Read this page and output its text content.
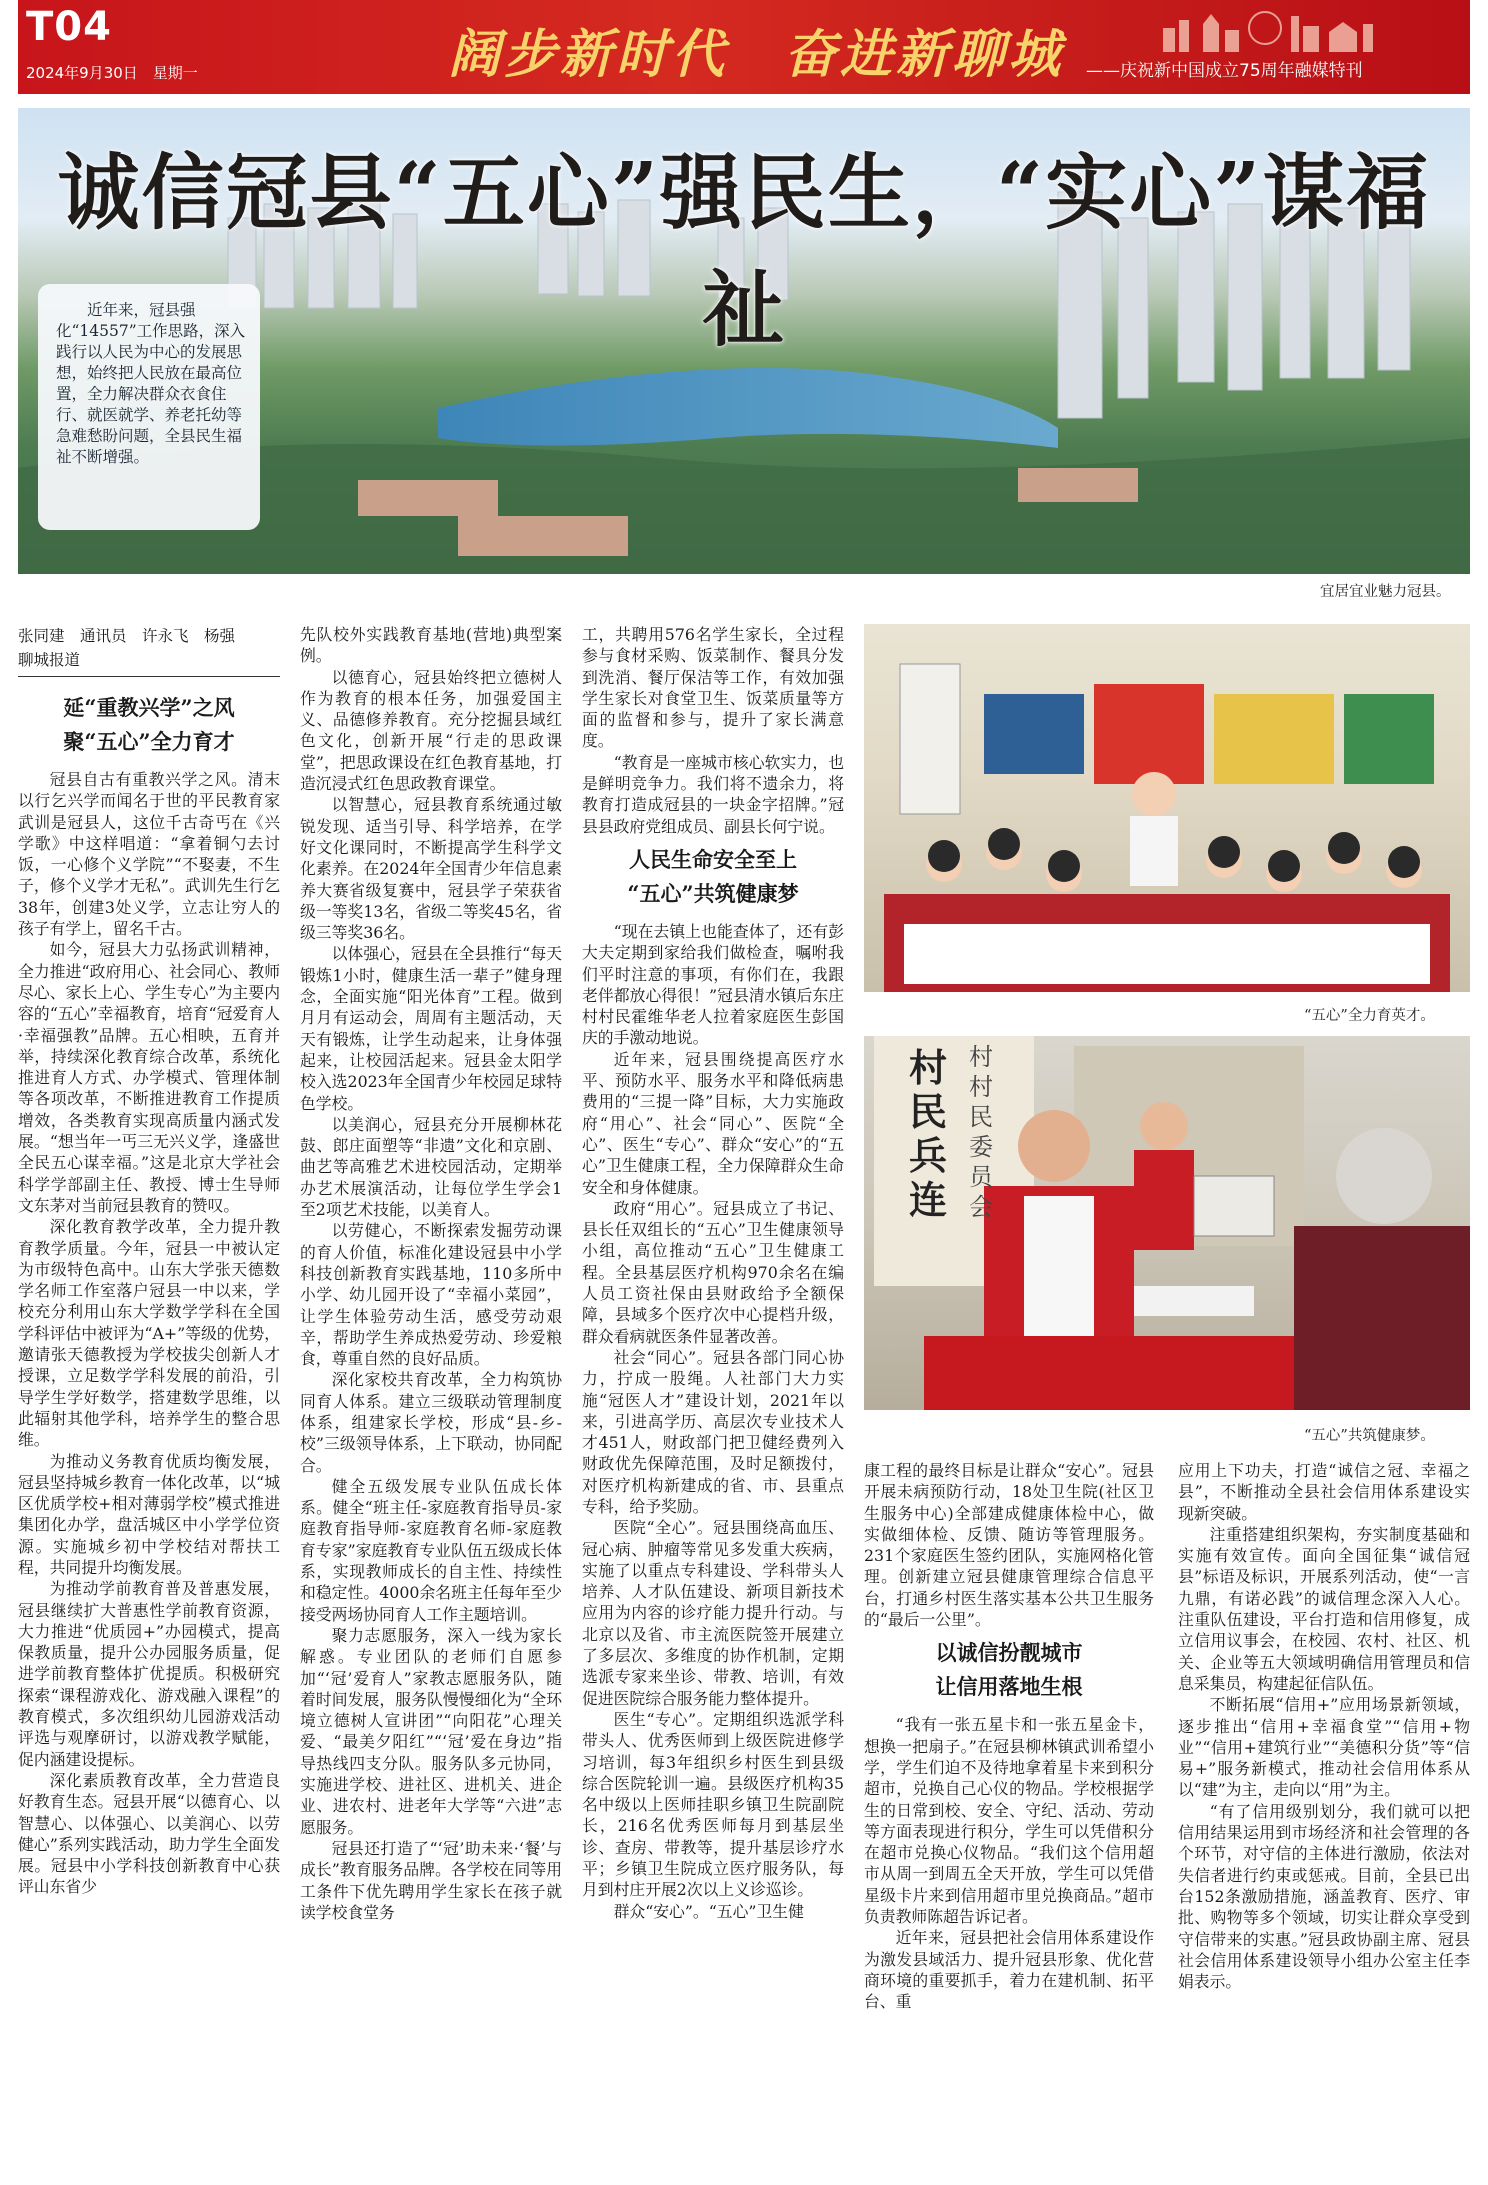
T04
2024年9月30日　星期一	阔步新时代　奋进新聊城 ——庆祝新中国成立75周年融媒特刊
诚信冠县“五心”强民生，“实心”谋福祉
近年来，冠县强化“14557”工作思路，深入践行以人民为中心的发展思想，始终把人民放在最高位置，全力解决群众衣食住行、就医就学、养老托幼等急难愁盼问题，全县民生福祉不断增强。
宜居宜业魅力冠县。
张同建　通讯员　许永飞　杨强
聊城报道
延“重教兴学”之风
聚“五心”全力育才

冠县自古有重教兴学之风。清末以行乞兴学而闻名于世的平民教育家武训是冠县人，这位千古奇丐在《兴学歌》中这样唱道：“拿着铜勺去讨饭，一心修个义学院”“不娶妻，不生子，修个义学才无私”。武训先生行乞38年，创建3处义学，立志让穷人的孩子有学上，留名千古。

如今，冠县大力弘扬武训精神，全力推进“政府用心、社会同心、教师尽心、家长上心、学生专心”为主要内容的“五心”幸福教育，培育“冠爱育人·幸福强教”品牌。五心相映，五育并举，持续深化教育综合改革，系统化推进育人方式、办学模式、管理体制等各项改革，不断推进教育工作提质增效，各类教育实现高质量内涵式发展。“想当年一丐三无兴义学，逢盛世全民五心谋幸福。”这是北京大学社会科学学部副主任、教授、博士生导师文东茅对当前冠县教育的赞叹。

深化教育教学改革，全力提升教育教学质量。今年，冠县一中被认定为市级特色高中。山东大学张天德数学名师工作室落户冠县一中以来，学校充分利用山东大学数学学科在全国学科评估中被评为“A+”等级的优势，邀请张天德教授为学校拔尖创新人才授课，立足数学学科发展的前沿，引导学生学好数学，搭建数学思维，以此辐射其他学科，培养学生的整合思维。

为推动义务教育优质均衡发展，冠县坚持城乡教育一体化改革，以“城区优质学校+相对薄弱学校”模式推进集团化办学，盘活城区中小学学位资源。实施城乡初中学校结对帮扶工程，共同提升均衡发展。

为推动学前教育普及普惠发展，冠县继续扩大普惠性学前教育资源，大力推进“优质园+”办园模式，提高保教质量，提升公办园服务质量，促进学前教育整体扩优提质。积极研究探索“课程游戏化、游戏融入课程”的教育模式，多次组织幼儿园游戏活动评选与观摩研讨，以游戏教学赋能，促内涵建设提标。

深化素质教育改革，全力营造良好教育生态。冠县开展“以德育心、以智慧心、以体强心、以美润心、以劳健心”系列实践活动，助力学生全面发展。冠县中小学科技创新教育中心获评山东省少

先队校外实践教育基地(营地)典型案例。

以德育心，冠县始终把立德树人作为教育的根本任务，加强爱国主义、品德修养教育。充分挖掘县域红色文化，创新开展“行走的思政课堂”，把思政课设在红色教育基地，打造沉浸式红色思政教育课堂。

以智慧心，冠县教育系统通过敏锐发现、适当引导、科学培养，在学好文化课同时，不断提高学生科学文化素养。在2024年全国青少年信息素养大赛省级复赛中，冠县学子荣获省级一等奖13名，省级二等奖45名，省级三等奖36名。

以体强心，冠县在全县推行“每天锻炼1小时，健康生活一辈子”健身理念，全面实施“阳光体育”工程。做到月月有运动会，周周有主题活动，天天有锻炼，让学生动起来，让身体强起来，让校园活起来。冠县金太阳学校入选2023年全国青少年校园足球特色学校。

以美润心，冠县充分开展柳林花鼓、郎庄面塑等“非遗”文化和京剧、曲艺等高雅艺术进校园活动，定期举办艺术展演活动，让每位学生学会1至2项艺术技能，以美育人。

以劳健心，不断探索发掘劳动课的育人价值，标准化建设冠县中小学科技创新教育实践基地，110多所中小学、幼儿园开设了“幸福小菜园”，让学生体验劳动生活，感受劳动艰辛，帮助学生养成热爱劳动、珍爱粮食，尊重自然的良好品质。

深化家校共育改革，全力构筑协同育人体系。建立三级联动管理制度体系，组建家长学校，形成“县-乡-校”三级领导体系，上下联动，协同配合。

健全五级发展专业队伍成长体系。健全“班主任-家庭教育指导员-家庭教育指导师-家庭教育名师-家庭教育专家”家庭教育专业队伍五级成长体系，实现教师成长的自主性、持续性和稳定性。4000余名班主任每年至少接受两场协同育人工作主题培训。

聚力志愿服务，深入一线为家长解惑。专业团队的老师们自愿参加“‘冠’爱育人”家教志愿服务队，随着时间发展，服务队慢慢细化为“全环境立德树人宣讲团”“向阳花”心理关爱、“最美夕阳红”“‘冠’爱在身边”指导热线四支分队。服务队多元协同，实施进学校、进社区、进机关、进企业、进农村、进老年大学等“六进”志愿服务。

冠县还打造了“‘冠’助未来·‘餐’与成长”教育服务品牌。各学校在同等用工条件下优先聘用学生家长在孩子就读学校食堂务

工，共聘用576名学生家长，全过程参与食材采购、饭菜制作、餐具分发到洗消、餐厅保洁等工作，有效加强学生家长对食堂卫生、饭菜质量等方面的监督和参与，提升了家长满意度。

“教育是一座城市核心软实力，也是鲜明竞争力。我们将不遗余力，将教育打造成冠县的一块金字招牌。”冠县县政府党组成员、副县长何宁说。

人民生命安全至上
“五心”共筑健康梦

“现在去镇上也能查体了，还有彭大夫定期到家给我们做检查，嘱咐我们平时注意的事项，有你们在，我跟老伴都放心得很！”冠县清水镇后东庄村村民霍维华老人拉着家庭医生彭国庆的手激动地说。

近年来，冠县围绕提高医疗水平、预防水平、服务水平和降低病患费用的“三提一降”目标，大力实施政府“用心”、社会“同心”、医院“全心”、医生“专心”、群众“安心”的“五心”卫生健康工程，全力保障群众生命安全和身体健康。

政府“用心”。冠县成立了书记、县长任双组长的“五心”卫生健康领导小组，高位推动“五心”卫生健康工程。全县基层医疗机构970余名在编人员工资社保由县财政给予全额保障，县域多个医疗次中心提档升级，群众看病就医条件显著改善。

社会“同心”。冠县各部门同心协力，拧成一股绳。人社部门大力实施“冠医人才”建设计划，2021年以来，引进高学历、高层次专业技术人才451人，财政部门把卫健经费列入财政优先保障范围，及时足额拨付，对医疗机构新建成的省、市、县重点专科，给予奖励。

医院“全心”。冠县围绕高血压、冠心病、肿瘤等常见多发重大疾病，实施了以重点专科建设、学科带头人培养、人才队伍建设、新项目新技术应用为内容的诊疗能力提升行动。与北京以及省、市主流医院签开展建立了多层次、多维度的协作机制，定期选派专家来坐诊、带教、培训，有效促进医院综合服务能力整体提升。

医生“专心”。定期组织选派学科带头人、优秀医师到上级医院进修学习培训，每3年组织乡村医生到县级综合医院轮训一遍。县级医疗机构35名中级以上医师挂职乡镇卫生院副院长，216名优秀医师每月到基层坐诊、查房、带教等，提升基层诊疗水平；乡镇卫生院成立医疗服务队，每月到村庄开展2次以上义诊巡诊。

群众“安心”。“五心”卫生健

“五心”全力育英才。
村民兵连
村村民委员会
“五心”共筑健康梦。

康工程的最终目标是让群众“安心”。冠县开展未病预防行动，18处卫生院(社区卫生服务中心)全部建成健康体检中心，做实做细体检、反馈、随访等管理服务。231个家庭医生签约团队，实施网格化管理。创新建立冠县健康管理综合信息平台，打通乡村医生落实基本公共卫生服务的“最后一公里”。

以诚信扮靓城市
让信用落地生根

“我有一张五星卡和一张五星金卡，想换一把扇子。”在冠县柳林镇武训希望小学，学生们迫不及待地拿着星卡来到积分超市，兑换自己心仪的物品。学校根据学生的日常到校、安全、守纪、活动、劳动等方面表现进行积分，学生可以凭借积分在超市兑换心仪物品。“我们这个信用超市从周一到周五全天开放，学生可以凭借星级卡片来到信用超市里兑换商品。”超市负责教师陈超告诉记者。

近年来，冠县把社会信用体系建设作为激发县域活力、提升冠县形象、优化营商环境的重要抓手，着力在建机制、拓平台、重

应用上下功夫，打造“诚信之冠、幸福之县”，不断推动全县社会信用体系建设实现新突破。

注重搭建组织架构，夯实制度基础和实施有效宣传。面向全国征集“诚信冠县”标语及标识，开展系列活动，使“一言九鼎，有诺必践”的诚信理念深入人心。注重队伍建设，平台打造和信用修复，成立信用议事会，在校园、农村、社区、机关、企业等五大领域明确信用管理员和信息采集员，构建起征信队伍。

不断拓展“信用+”应用场景新领域，逐步推出“信用+幸福食堂”“信用+物业”“信用+建筑行业”“美德积分货”等“信易+”服务新模式，推动社会信用体系从以“建”为主，走向以“用”为主。

“有了信用级别划分，我们就可以把信用结果运用到市场经济和社会管理的各个环节，对守信的主体进行激励，依法对失信者进行约束或惩戒。目前，全县已出台152条激励措施，涵盖教育、医疗、审批、购物等多个领域，切实让群众享受到守信带来的实惠。”冠县政协副主席、冠县社会信用体系建设领导小组办公室主任李娟表示。
